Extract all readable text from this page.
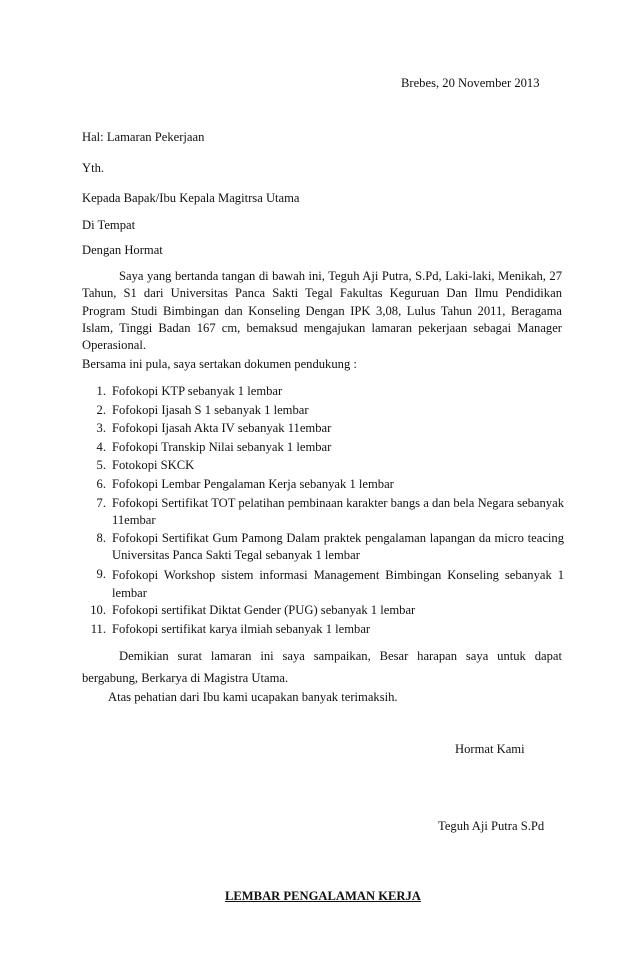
Brebes, 20 November 2013
Hal: Lamaran Pekerjaan
Yth.
Kepada Bapak/Ibu Kepala Magitrsa Utama
Di Tempat
Dengan Hormat
Saya yang bertanda tangan di bawah ini, Teguh Aji Putra, S.Pd, Laki-laki, Menikah, 27 Tahun, S1 dari Universitas Panca Sakti Tegal Fakultas Keguruan Dan Ilmu Pendidikan Program Studi Bimbingan dan Konseling Dengan IPK 3,08, Lulus Tahun 2011, Beragama Islam, Tinggi Badan 167 cm, bemaksud mengajukan lamaran pekerjaan sebagai Manager Operasional.
Bersama ini pula, saya sertakan dokumen pendukung :
1. Fofokopi KTP sebanyak 1 lembar
2. Fofokopi Ijasah S 1 sebanyak 1 lembar
3. Fofokopi Ijasah Akta IV sebanyak 11embar
4. Fofokopi Transkip Nilai sebanyak 1 lembar
5. Fotokopi SKCK
6. Fofokopi Lembar Pengalaman Kerja sebanyak 1 lembar
7. Fofokopi Sertifikat TOT pelatihan pembinaan karakter bangs a dan bela Negara sebanyak 11embar
8. Fofokopi Sertifikat Gum Pamong Dalam praktek pengalaman lapangan da micro teacing Universitas Panca Sakti Tegal sebanyak 1 lembar
9. Fofokopi Workshop sistem informasi Management Bimbingan Konseling sebanyak 1 lembar
10. Fofokopi sertifikat Diktat Gender (PUG) sebanyak 1 lembar
11. Fofokopi sertifikat karya ilmiah sebanyak 1 lembar
Demikian surat lamaran ini saya sampaikan, Besar harapan saya untuk dapat bergabung, Berkarya di Magistra Utama.
Atas pehatian dari Ibu kami ucapakan banyak terimaksih.
Hormat Kami
Teguh Aji Putra S.Pd
LEMBAR PENGALAMAN KERJA
